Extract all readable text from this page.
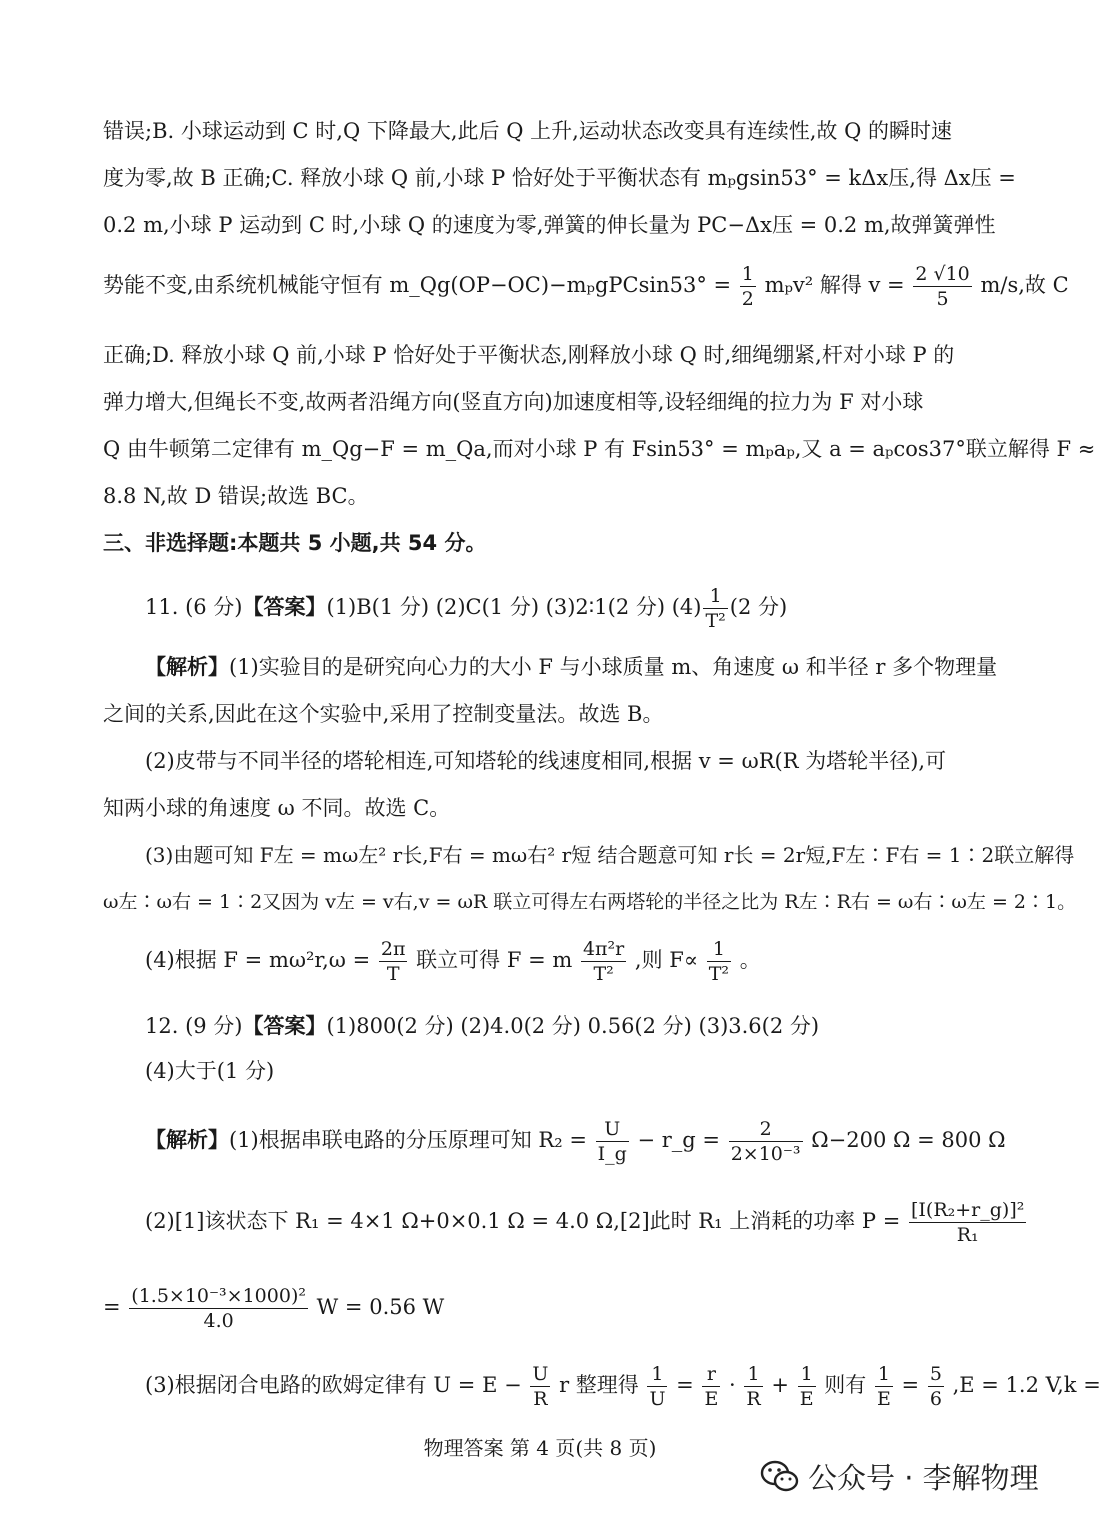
错误;B. 小球运动到 C 时,Q 下降最大,此后 Q 上升,运动状态改变具有连续性,故 Q 的瞬时速
度为零,故 B 正确;C. 释放小球 Q 前,小球 P 恰好处于平衡状态有 mₚgsin53° = kΔx压,得 Δx压 =
0.2 m,小球 P 运动到 C 时,小球 Q 的速度为零,弹簧的伸长量为 PC−Δx压 = 0.2 m,故弹簧弹性
势能不变,由系统机械能守恒有 m_Qg(OP−OC)−mₚgPCsin53° = $\frac{1}{2} m_pv^2$ 解得 $v = \frac{2 √10}{5} m/s$,故 C
正确;D. 释放小球 Q 前,小球 P 恰好处于平衡状态,刚释放小球 Q 时,细绳绷紧,杆对小球 P 的
弹力增大,但绳长不变,故两者沿绳方向(竖直方向)加速度相等,设轻细绳的拉力为 F 对小球
Q 由牛顿第二定律有 m_Qg−F = m_Qa,而对小球 P 有 Fsin53° = mₚaₚ,又 a = aₚcos37°联立解得 F ≈
8.8 N,故 D 错误;故选 BC。
三、非选择题:本题共 5 小题,共 54 分。
11. (6 分)【答案】(1)B(1 分) (2)C(1 分) (3)2∶1(2 分) $(4) \frac{1}{\text{T²}} (2$ 分)
【解析】(1)实验目的是研究向心力的大小 F 与小球质量 m、角速度 ω 和半径 r 多个物理量
之间的关系,因此在这个实验中,采用了控制变量法。故选 B。
(2)皮带与不同半径的塔轮相连,可知塔轮的线速度相同,根据 v = ωR(R 为塔轮半径),可
知两小球的角速度 ω 不同。故选 C。
(3)由题可知 F左 = mω左² r长,F右 = mω右² r短 结合题意可知 r长 = 2r短,F左∶F右 = 1∶2联立解得
ω左∶ω右 = 1∶2又因为 v左 = v右,v = ωR 联立可得左右两塔轮的半径之比为 R左∶R右 = ω右∶ω左 = 2∶1。
(4)根据 $F = m\omega^2r,\omega = \frac{2\pi}{T}$ 联立可得 F = m $\frac{\text{4π²r}}{\text{T²}}$ ,则 $F\propto \frac{1}{\text{T²}}$ 。
12. (9 分)【答案】(1)800(2 分) (2)4.0(2 分) 0.56(2 分) (3)3.6(2 分)
(4)大于(1 分)
【解析】(1)根据串联电路的分压原理可知 $R_2 = \frac{U}{I\_g}$ − r_g = $\frac{2}{\text{2×10⁻³}} \Omega-200$ Ω = 800 Ω
(2)[1]该状态下 R₁ = 4×1 Ω+0×0.1 Ω = 4.0 Ω,[2]此时 R₁ 上消耗的功率 $P = \frac{\text{[I(R₂+r\_g)]²}}{\text{R₁}}$
= $\frac{\text{(1.5×10⁻³×1000)²}}{4.0}$ W = 0.56 W
(3)根据闭合电路的欧姆定律有 $U = E - \frac{U}{R}$ r 整理得 $\frac{1}{U} = \frac{r}{E} \cdot \frac{1}{R} + \frac{1}{E}$ 则有 $\frac{1}{E} = \frac{5}{6} ,E = 1.2$ V,k =
物理答案 第 4 页(共 8 页)
公众号 · 李解物理
